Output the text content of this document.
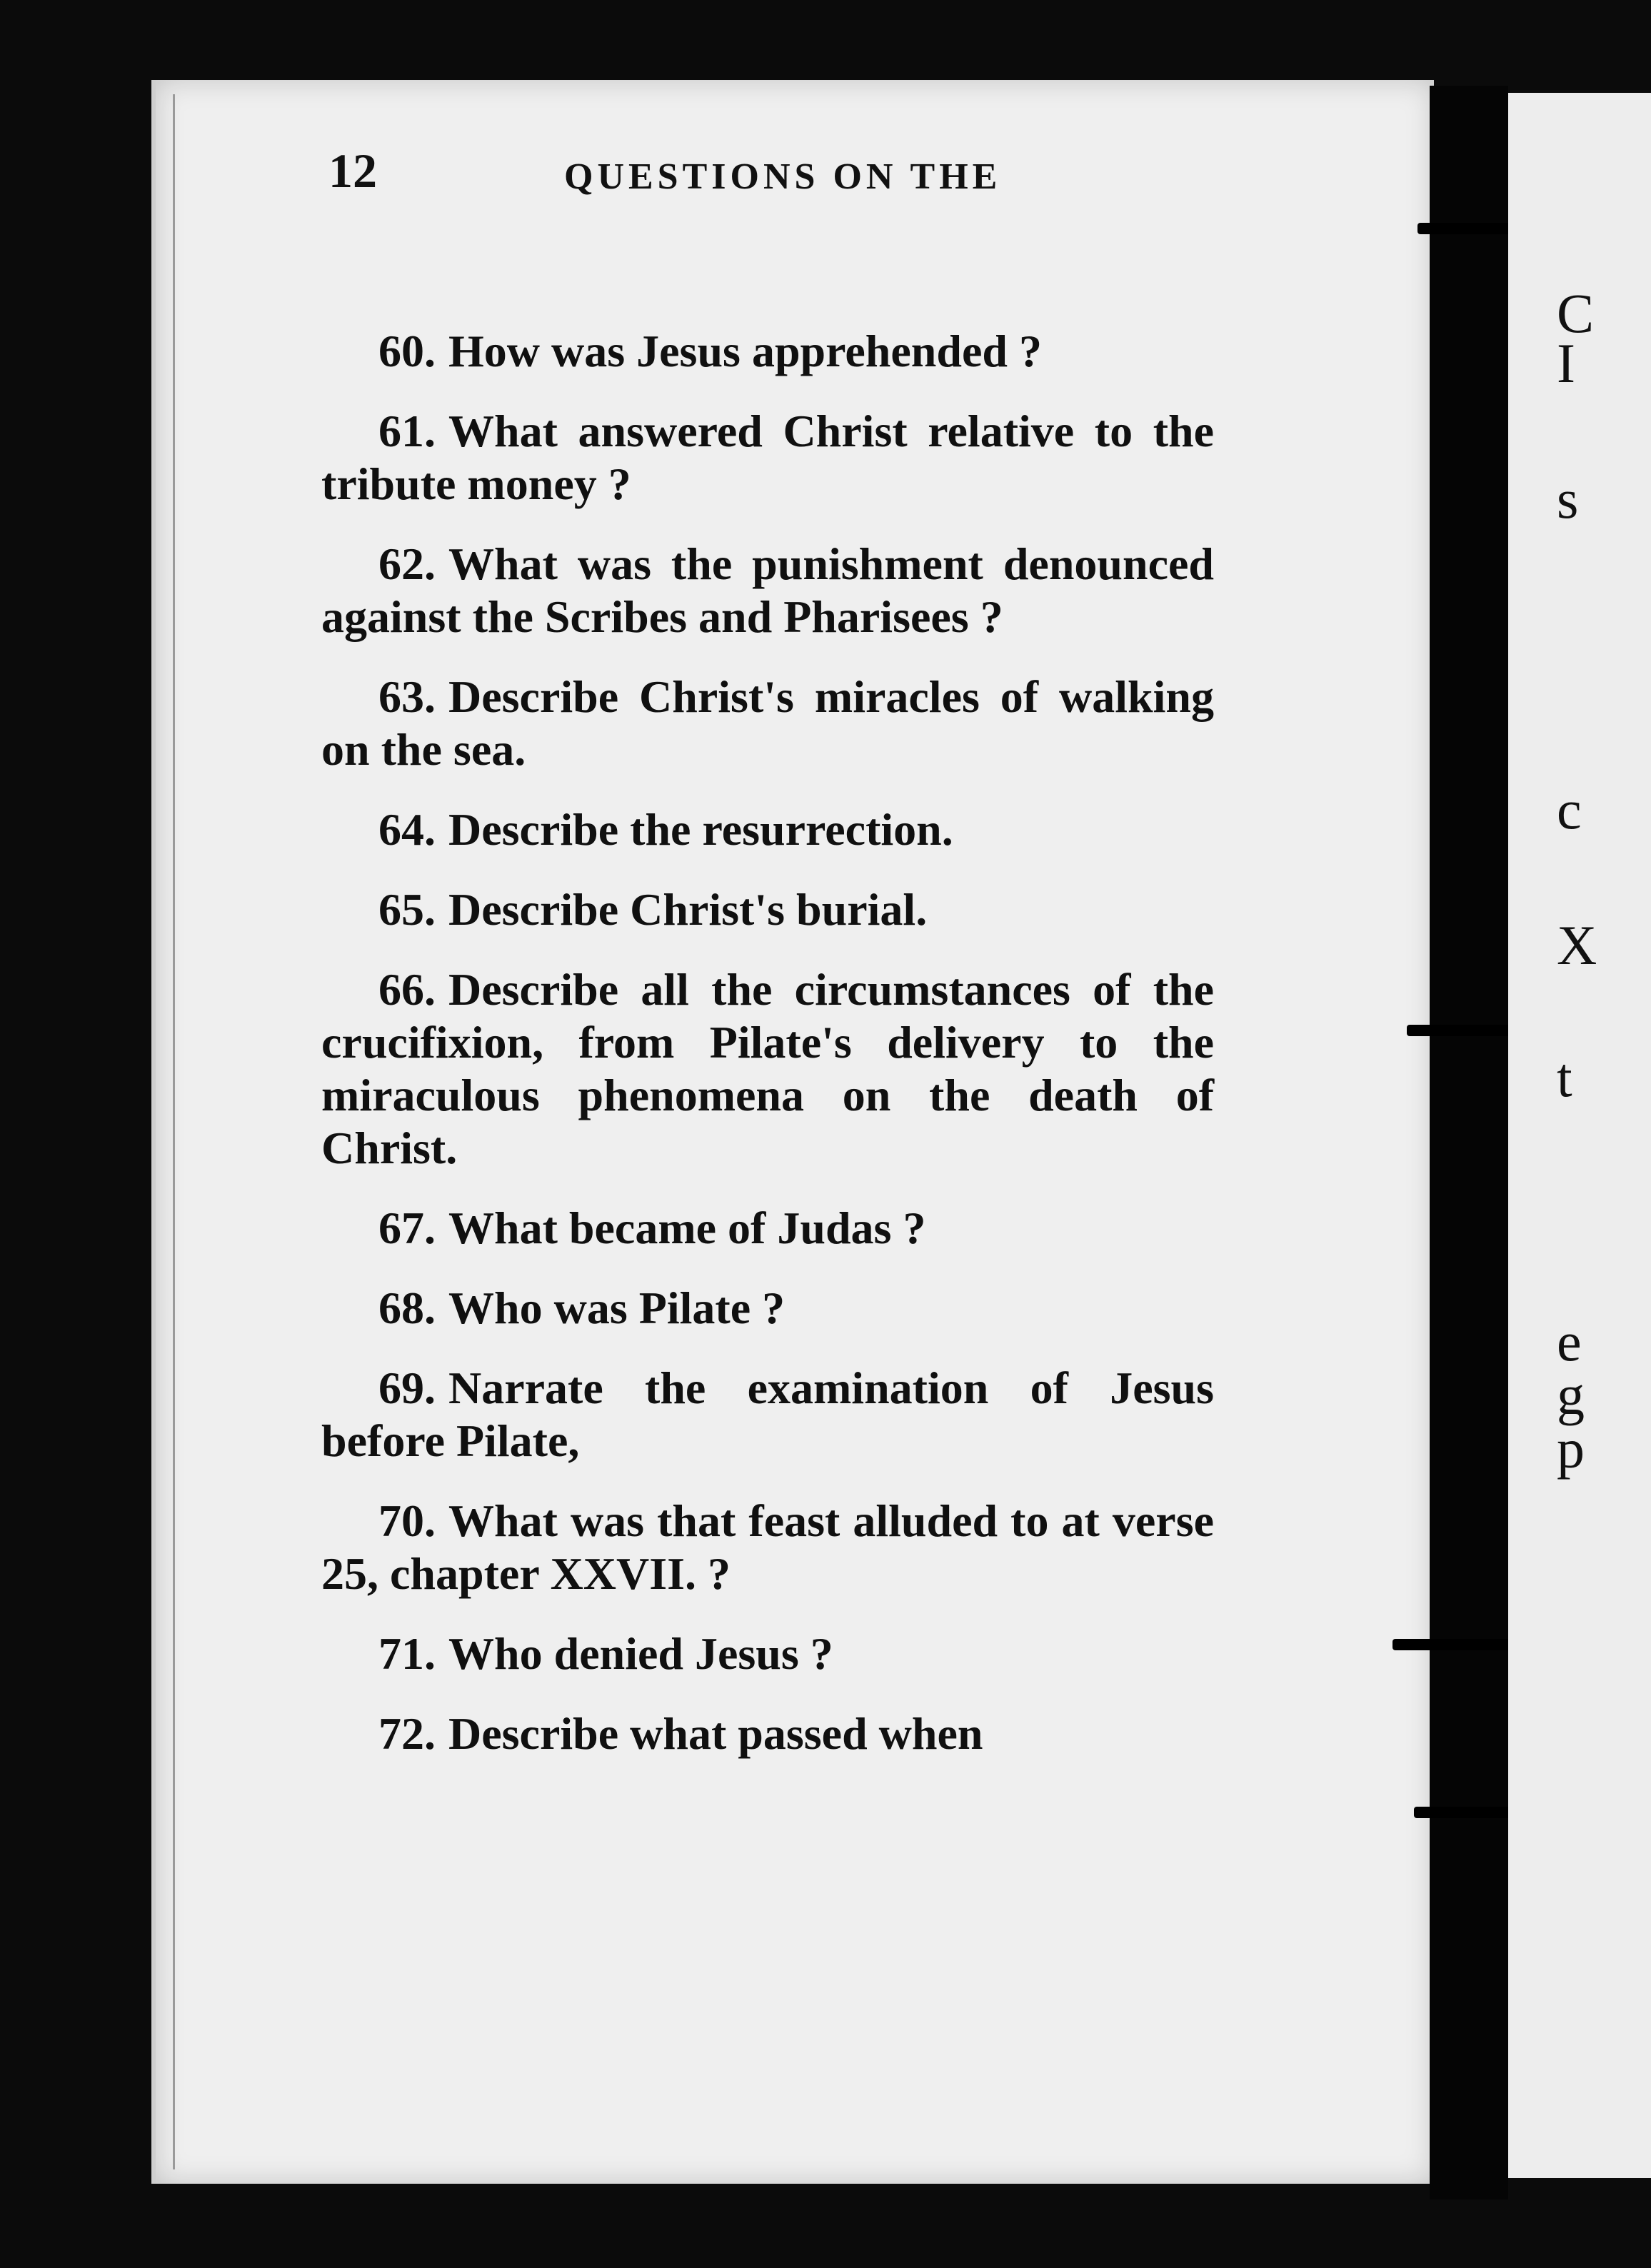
C
I
s
c
X
t
e
g
p
12	QUESTIONS ON THE

60. How was Jesus apprehended ?

61. What answered Christ relative to the tribute money ?

62. What was the punishment denounced against the Scribes and Pharisees ?

63. Describe Christ's miracles of walking on the sea.

64. Describe the resurrection.

65. Describe Christ's burial.

66. Describe all the circumstances of the crucifixion, from Pilate's delivery to the miraculous phenomena on the death of Christ.

67. What became of Judas ?

68. Who was Pilate ?

69. Narrate the examination of Jesus before Pilate,

70. What was that feast alluded to at verse 25, chapter XXVII. ?

71. Who denied Jesus ?

72. Describe what passed when
